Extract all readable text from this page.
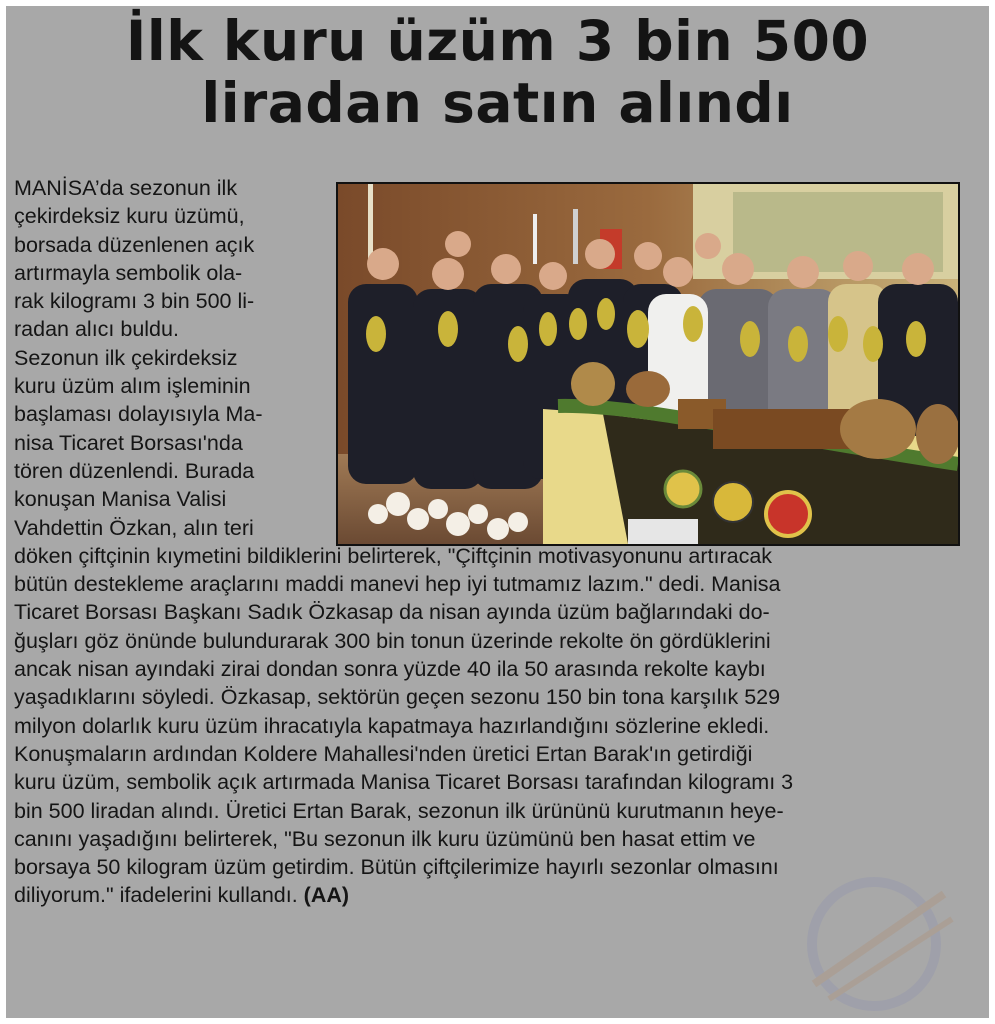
İlk kuru üzüm 3 bin 500
liradan satın alındı

MANİSA’da sezonun ilk
çekirdeksiz kuru üzümü,
borsada düzenlenen açık
artırmayla sembolik ola-
rak kilogramı 3 bin 500 li-
radan alıcı buldu.
Sezonun ilk çekirdeksiz
kuru üzüm alım işleminin
başlaması dolayısıyla Ma-
nisa Ticaret Borsası'nda
tören düzenlendi. Burada
konuşan Manisa Valisi
Vahdettin Özkan, alın teri

döken çiftçinin kıymetini bildiklerini belirterek, "Çiftçinin motivasyonunu artıracak
bütün destekleme araçlarını maddi manevi hep iyi tutmamız lazım." dedi. Manisa
Ticaret Borsası Başkanı Sadık Özkasap da nisan ayında üzüm bağlarındaki do-
ğuşları göz önünde bulundurarak 300 bin tonun üzerinde rekolte ön gördüklerini
ancak nisan ayındaki zirai dondan sonra yüzde 40 ila 50 arasında rekolte kaybı
yaşadıklarını söyledi. Özkasap, sektörün geçen sezonu 150 bin tona karşılık 529
milyon dolarlık kuru üzüm ihracatıyla kapatmaya hazırlandığını sözlerine ekledi.
Konuşmaların ardından Koldere Mahallesi'nden üretici Ertan Barak'ın getirdiği
kuru üzüm, sembolik açık artırmada Manisa Ticaret Borsası tarafından kilogramı 3
bin 500 liradan alındı. Üretici Ertan Barak, sezonun ilk ürününü kurutmanın heye-
canını yaşadığını belirterek, "Bu sezonun ilk kuru üzümünü ben hasat ettim ve
borsaya 50 kilogram üzüm getirdim. Bütün çiftçilerimize hayırlı sezonlar olmasını
diliyorum." ifadelerini kullandı. (AA)
